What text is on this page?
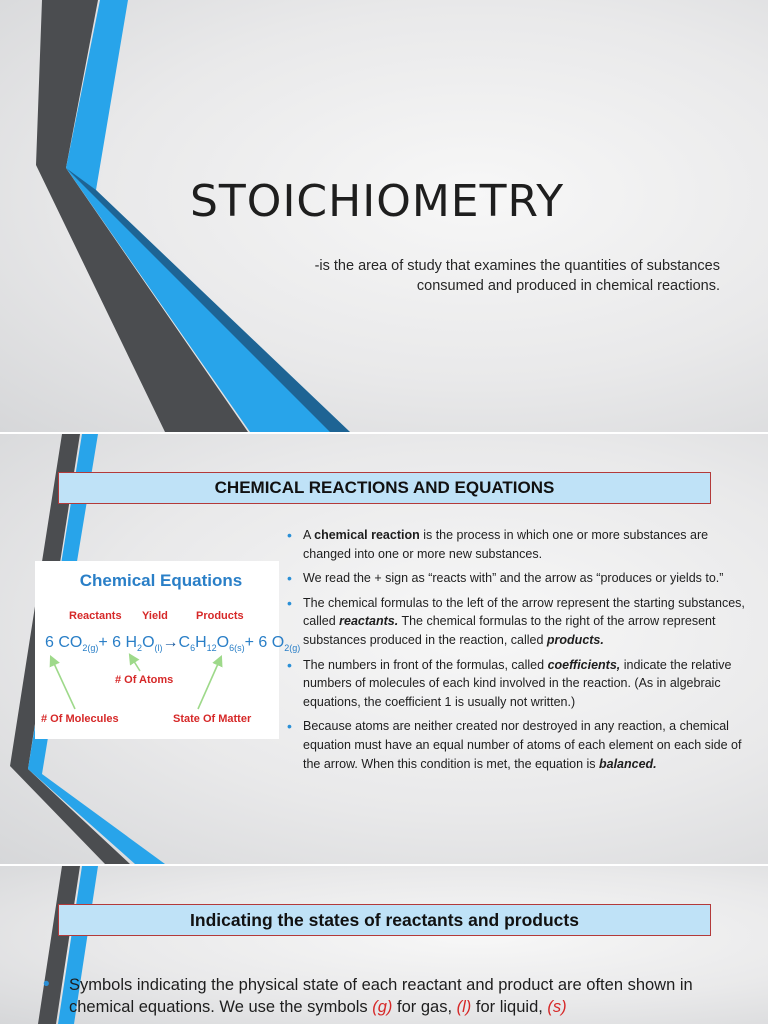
STOICHIOMETRY
-is the area of study that examines the quantities of substances consumed and produced in chemical reactions.
CHEMICAL REACTIONS AND EQUATIONS
Chemical Equations
Reactants Yield	Products
6 $CO_{2(g)}+ 6$ $H_2O_{(l)}\to C_6H_{12}O_{6(s)}+ 6$ $O_{2(g)}$
# Of Atoms
# Of Molecules	State Of Matter
• A chemical reaction is the process in which one or more substances are changed into one or more new substances.
• We read the + sign as “reacts with” and the arrow as “produces or yields to.”
• The chemical formulas to the left of the arrow represent the starting substances, called reactants. The chemical formulas to the right of the arrow represent substances produced in the reaction, called products.
• The numbers in front of the formulas, called coefficients, indicate the relative numbers of molecules of each kind involved in the reaction. (As in algebraic equations, the coefficient 1 is usually not written.)
• Because atoms are neither created nor destroyed in any reaction, a chemical equation must have an equal number of atoms of each element on each side of the arrow. When this condition is met, the equation is balanced.
Indicating the states of reactants and products
• Symbols indicating the physical state of each reactant and product are often shown in chemical equations. We use the symbols (g) for gas, (l) for liquid, (s)
